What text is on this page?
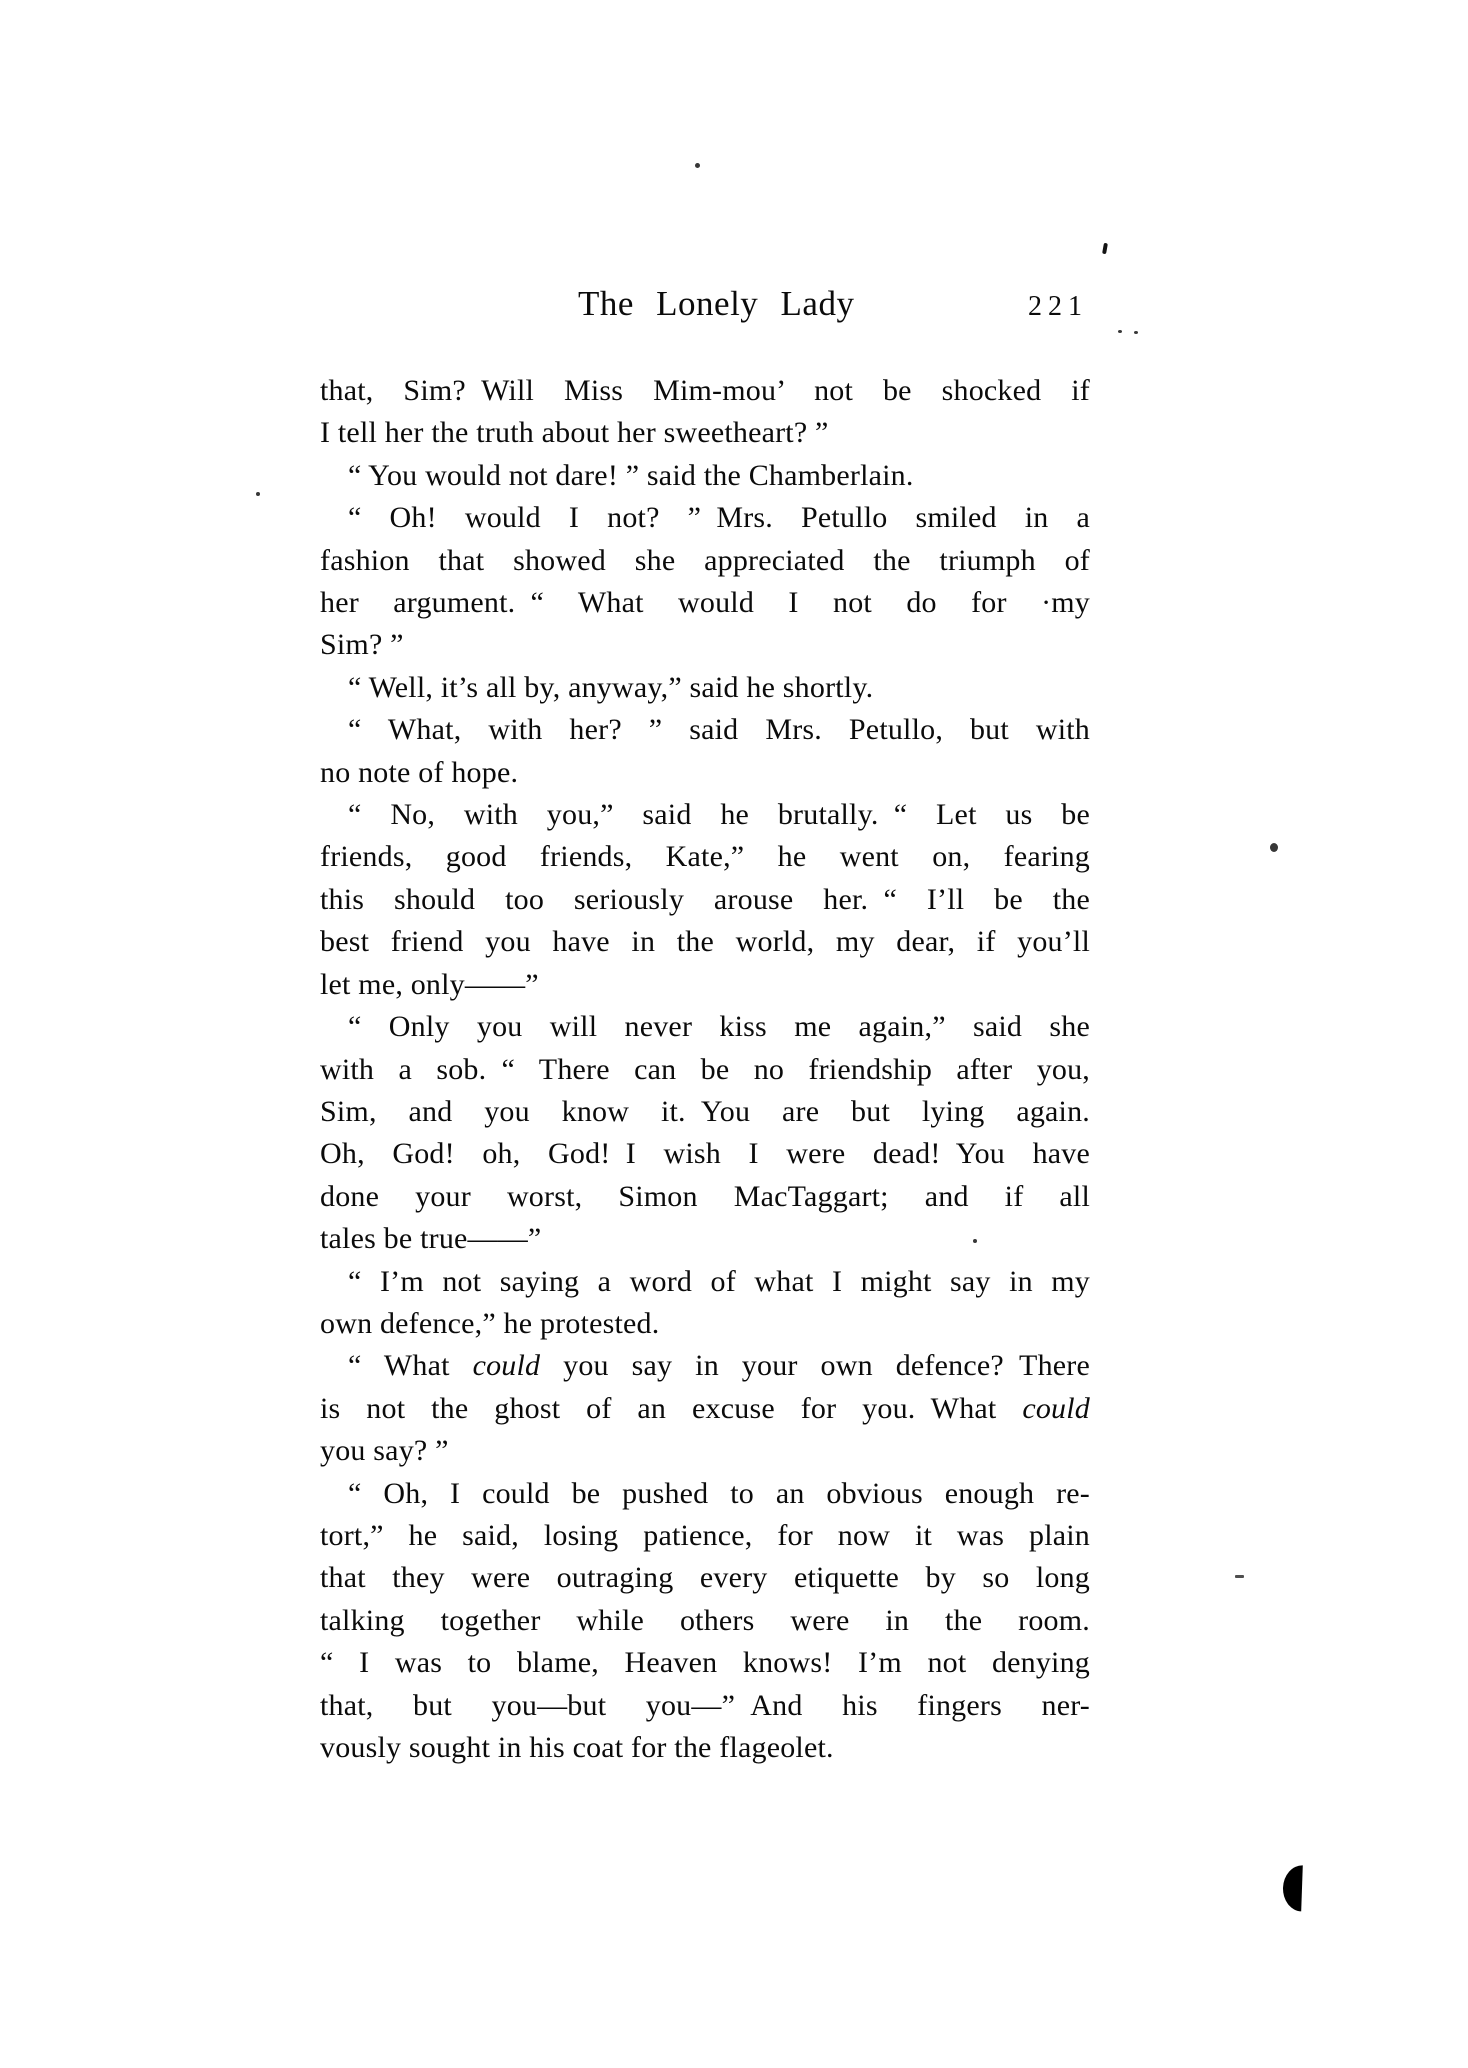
The Lonely Lady	221
that, Sim? Will Miss Mim-mou’ not be shocked if
I tell her the truth about her sweetheart? ”
“ You would not dare! ” said the Chamberlain.
“ Oh! would I not? ” Mrs. Petullo smiled in a
fashion that showed she appreciated the triumph of
her argument. “ What would I not do for ·my
Sim? ”
“ Well, it’s all by, anyway,” said he shortly.
“ What, with her? ” said Mrs. Petullo, but with
no note of hope.
“ No, with you,” said he brutally. “ Let us be
friends, good friends, Kate,” he went on, fearing
this should too seriously arouse her. “ I’ll be the
best friend you have in the world, my dear, if you’ll
let me, only——”
“ Only you will never kiss me again,” said she
with a sob. “ There can be no friendship after you,
Sim, and you know it. You are but lying again.
Oh, God! oh, God! I wish I were dead! You have
done your worst, Simon MacTaggart; and if all
tales be true——”
“ I’m not saying a word of what I might say in my
own defence,” he protested.
“ What could you say in your own defence? There
is not the ghost of an excuse for you. What could
you say? ”
“ Oh, I could be pushed to an obvious enough re-
tort,” he said, losing patience, for now it was plain
that they were outraging every etiquette by so long
talking together while others were in the room.
“ I was to blame, Heaven knows! I’m not denying
that, but you—but you—” And his fingers ner-
vously sought in his coat for the flageolet.
